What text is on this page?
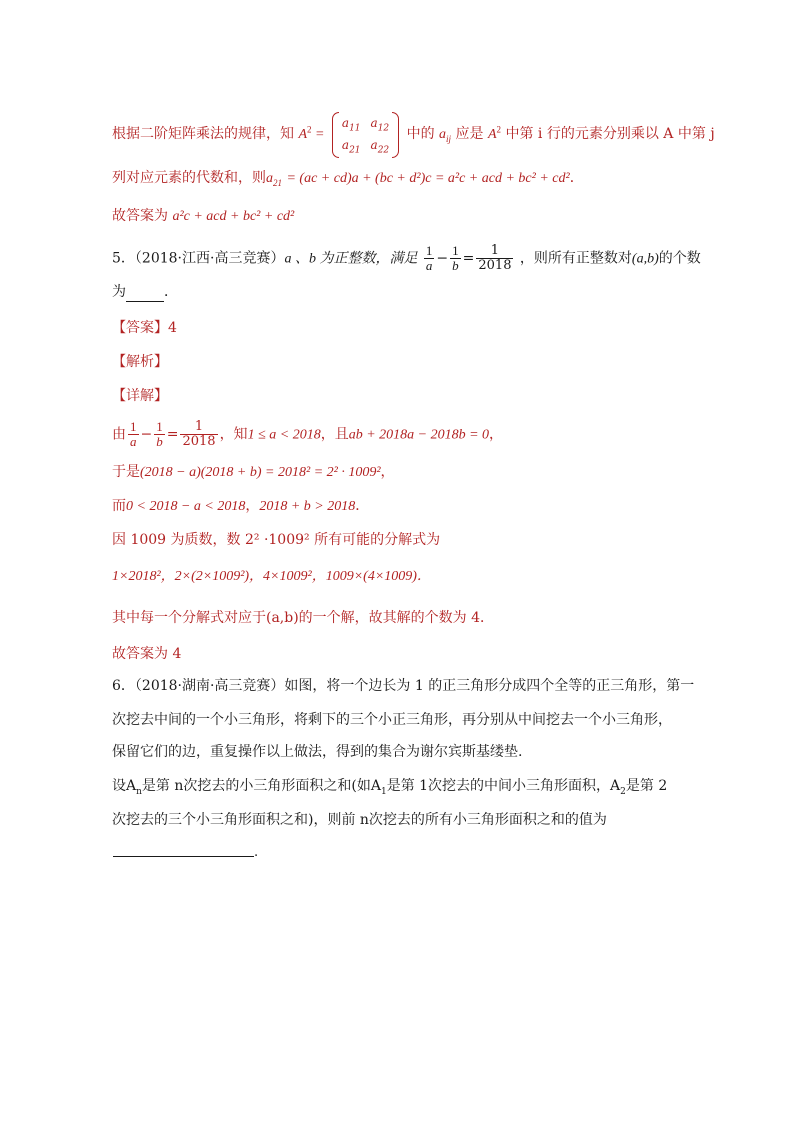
根据二阶矩阵乘法的规律，知 $A^2$ =
$a_{11}$	$a_{12}$
$a_{21}$	$a_{22}$
中的 $a_{ij}$ 应是 $A^2$ 中第 i 行的元素分别乘以 A 中第 j
列对应元素的代数和，则$a_{21} = (ac + cd)a + (bc + d^2)c = a^2c$ + acd + bc² + cd²．
故答案为 a²c + acd + bc² + cd²
5．（2018·江西·高三竞赛）a 、b 为正整数，满足 $\frac{1}{a} - \frac{1}{b} = \frac{1}{2018}$ ，则所有正整数对(a,b)的个数
为	．
【答案】4
【解析】
【详解】
由 $\frac{1}{a} - \frac{1}{b} = \frac{1}{2018}$ ，知1 ≤ a < 2018，且ab + 2018a − 2018b = 0，
于是(2018 − a)(2018 + b) = 2018² = 2² · 1009²，
而0 < 2018 − a < 2018，2018 + b > 2018．
因 1009 为质数，数 2² ·1009² 所有可能的分解式为
1×2018²，2×(2×1009²)，4×1009²，1009×(4×1009)．
其中每一个分解式对应于(a,b)的一个解，故其解的个数为 4．
故答案为 4
6．（2018·湖南·高三竞赛）如图，将一个边长为 1 的正三角形分成四个全等的正三角形，第一
次挖去中间的一个小三角形，将剩下的三个小正三角形，再分别从中间挖去一个小三角形，
保留它们的边，重复操作以上做法，得到的集合为谢尔宾斯基缕垫.
设$A_n$是第 n次挖去的小三角形面积之和(如$A_1$是第 1次挖去的中间小三角形面积，$A_2$是第 2
次挖去的三个小三角形面积之和)，则前 n次挖去的所有小三角形面积之和的值为
.
